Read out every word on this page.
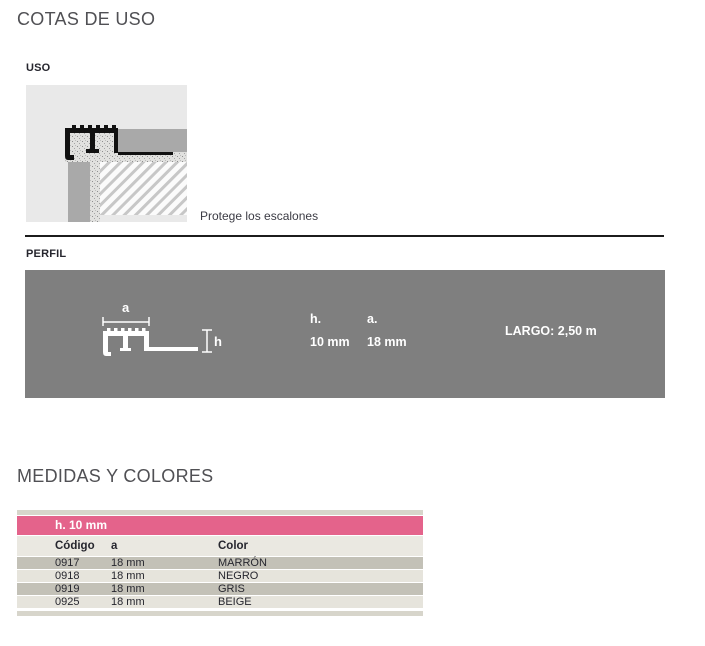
COTAS DE USO
USO
Protege los escalones
PERFIL
a
h
h.
10 mm
a.
18 mm
LARGO: 2,50 m
MEDIDAS Y COLORES
h. 10 mm
Código	a	Color
0917	18 mm	MARRÓN
0918	18 mm	NEGRO
0919	18 mm	GRIS
0925	18 mm	BEIGE
